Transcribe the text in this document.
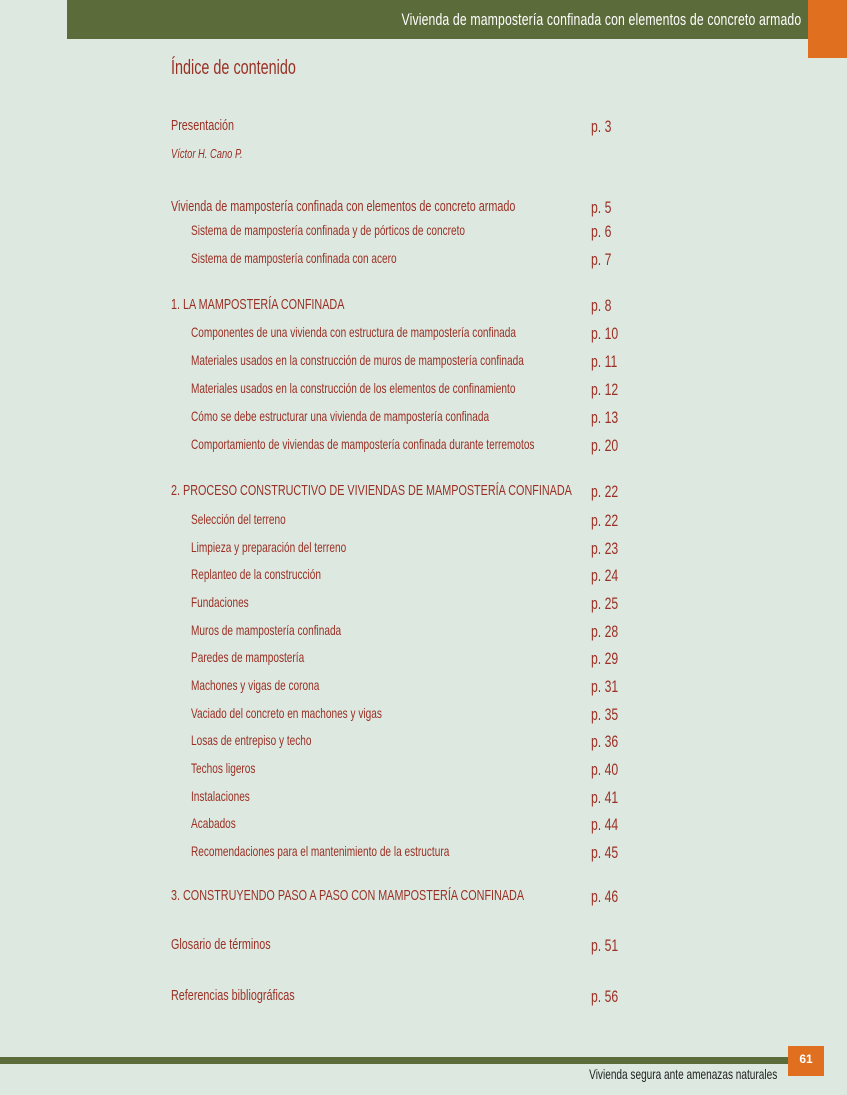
Vivienda de mampostería confinada con elementos de concreto armado
Índice de contenido
Presentación	p. 3
Víctor H. Cano P.
Vivienda de mampostería confinada con elementos de concreto armado	p. 5
Sistema de mampostería confinada y de pórticos de concreto	p. 6
Sistema de mampostería confinada con acero	p. 7
1. LA MAMPOSTERÍA CONFINADA	p. 8
Componentes de una vivienda con estructura de mampostería confinada	p. 10
Materiales usados en la construcción de muros de mampostería confinada	p. 11
Materiales usados en la construcción de los elementos de confinamiento	p. 12
Cómo se debe estructurar una vivienda de mampostería confinada	p. 13
Comportamiento de viviendas de mampostería confinada durante terremotos	p. 20
2. PROCESO CONSTRUCTIVO DE VIVIENDAS DE MAMPOSTERÍA CONFINADA p. 22
Selección del terreno	p. 22
Limpieza y preparación del terreno	p. 23
Replanteo de la construcción	p. 24
Fundaciones	p. 25
Muros de mampostería confinada	p. 28
Paredes de mampostería	p. 29
Machones y vigas de corona	p. 31
Vaciado del concreto en machones y vigas	p. 35
Losas de entrepiso y techo	p. 36
Techos ligeros	p. 40
Instalaciones	p. 41
Acabados	p. 44
Recomendaciones para el mantenimiento de la estructura	p. 45
3. CONSTRUYENDO PASO A PASO CON MAMPOSTERÍA CONFINADA	p. 46
Glosario de términos	p. 51
Referencias bibliográficas	p. 56
Vivienda segura ante amenazas naturales
61
